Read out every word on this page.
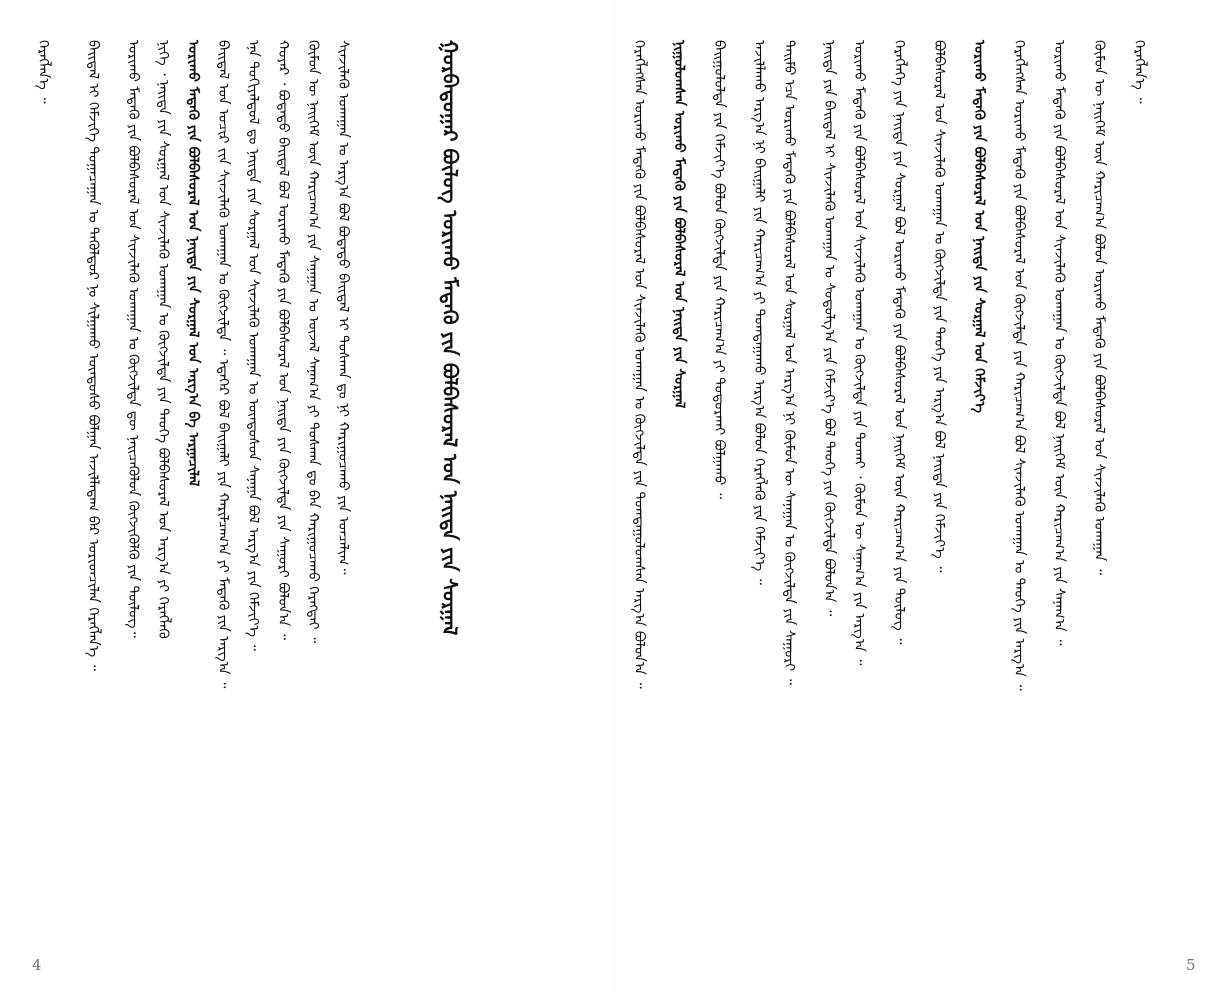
ᠬᠡᠷᠡᠭᠯᠡᠨ᠎ᠡ ᠃ ᠪᠠᠢᠳᠠᠯ ᠢ ᠬᠡᠮᠵᠢᠭᠡ ᠲᠣᠭᠠᠴᠠᠭᠠᠨ ᠤ ᠲᠡᠭᠦᠯᠳᠦᠷ ᠨᠤ ᠰᠢᠯᠭᠠᠬᠤ ᠦᠨᠳᠦᠰᠦ ᠪᠣᠯᠭᠠᠨ ᠠᠵᠢᠯᠯᠠᠳᠠᠭ ᠪᠡᠷ ᠤᠷᠢᠳᠴᠢᠯᠠᠨ ᠬᠡᠷᠡᠭᠯᠡᠨ᠎ᠡ ᠃ ᠤᠷᠢᠬᠤ ᠮᠡᠳᠡᠬᠦ ᠶᠢᠨ ᠪᠣᠯᠪᠠᠰᠤᠷᠠᠯ ᠤᠨ ᠰᠢᠨᠵᠢᠯᠡᠬᠦ ᠤᠬᠠᠭᠠᠨ ᠤ ᠬᠦᠭᠵᠢᠯᠲᠡ ᠳᠦ ᠨᠡᠢᠴᠡᠭᠦᠯᠦᠨ ᠬᠥᠭᠵᠢᠭᠦᠯᠬᠦ ᠶᠢᠨ ᠲᠥᠯᠥᠭ᠃ ᠨᠢᠭᠡ ᠂ ᠨᠡᠢᠲᠡ ᠶᠢᠨ ᠰᠤᠷᠭᠠᠯ ᠤᠨ ᠰᠢᠨᠵᠢᠯᠡᠬᠦ ᠤᠬᠠᠭᠠᠨ ᠤ ᠬᠦᠭᠵᠢᠯᠲᠡ ᠶᠢᠨ ᠲᠡᠦᠬᠡ ᠪᠣᠯᠪᠠᠰᠤᠷᠠᠯ ᠤᠨ ᠠᠷᠭ᠎ᠠ ᠶᠢ ᠬᠡᠷᠡᠭᠯᠡᠬᠦ ᠤᠷᠢᠬᠤ ᠮᠡᠳᠡᠬᠦ ᠶᠢᠨ ᠪᠣᠯᠪᠠᠰᠤᠷᠠᠯ ᠤᠨ ᠨᠡᠢᠲᠡ ᠶᠢᠨ ᠰᠤᠷᠭᠠᠯ ᠤᠨ ᠠᠷᠭ᠎ᠠ ᠪᠠ ᠠᠷᠭᠠᠴᠢᠯᠠᠯ ᠪᠠᠢᠳᠠᠯ ᠤᠨ ᠤᠴᠢᠷ ᠵᠢᠨ ᠰᠢᠨᠵᠢᠯᠡᠬᠦ ᠤᠬᠠᠭᠠᠨ ᠤ ᠬᠦᠭᠵᠢᠯᠲᠡ ᠃ ᠡᠳᠡᠭᠡᠷ ᠪᠣᠯ ᠪᠠᠢᠭᠠᠯᠢ ᠶᠢᠨ ᠬᠠᠷᠢᠯᠴᠠᠭ᠎ᠠ ᠶᠢ ᠮᠡᠳᠡᠬᠦ ᠶᠢᠨ ᠠᠷᠭ᠎ᠠ ᠃ ᠡᠨᠡ ᠲᠣᠬᠢᠶᠠᠯᠳᠤᠯ ᠳᠤ ᠨᠡᠢᠲᠡ ᠶᠢᠨ ᠰᠤᠷᠭᠠᠯ ᠤᠨ ᠰᠢᠨᠵᠢᠯᠡᠬᠦ ᠤᠬᠠᠭᠠᠨ ᠤ ᠦᠨᠳᠦᠰᠦᠨ ᠰᠠᠨᠠᠭᠠ ᠪᠣᠯ ᠠᠷᠭ᠎ᠠ ᠶᠢᠨ ᠬᠡᠮᠵᠢᠶ᠎ᠡ ᠃ ᠬᠣᠶᠠᠷ ᠂ ᠪᠣᠳᠠᠳᠤ ᠪᠠᠢᠳᠠᠯ ᠪᠣᠯ ᠤᠷᠢᠬᠤ ᠮᠡᠳᠡᠬᠦ ᠶᠢᠨ ᠪᠣᠯᠪᠠᠰᠤᠷᠠᠯ ᠤᠨ ᠨᠡᠢᠲᠡ ᠶᠢᠨ ᠬᠦᠭᠵᠢᠯᠲᠡ ᠶᠢᠨ ᠰᠠᠭᠤᠷᠢ ᠪᠣᠯᠤᠨ᠎ᠠ ᠃ ᠬᠦᠮᠦᠨ ᠦ ᠨᠡᠢᠭᠡᠮ ᠦᠨ ᠬᠠᠷᠢᠴᠠᠭ᠎ᠠ ᠶᠢᠨ ᠰᠠᠨᠠᠭᠠᠨ ᠤ ᠦᠵᠡᠯ ᠰᠠᠨᠠᠭ᠎ᠠ ᠶᠢ ᠲᠤᠰᠬᠠᠨ ᠳᠤ ᠪᠡᠨ ᠬᠠᠷᠢᠭᠤᠴᠠᠬᠤ ᠬᠡᠷᠡᠭᠲᠡᠢ ᠃ ᠰᠢᠨᠵᠢᠯᠡᠬᠦ ᠤᠬᠠᠭᠠᠨ ᠤ ᠠᠷᠭ᠎ᠠ ᠪᠣᠯ ᠪᠣᠳᠠᠳᠤ ᠪᠠᠢᠳᠠᠯ ᠢ ᠲᠤᠰᠬᠠᠨ ᠳᠤ ᠨᠢ ᠬᠠᠷᠢᠭᠤᠴᠠᠬᠤ ᠶᠢᠨ ᠣᠨᠴᠠᠯᠢᠭ᠃	ᠭᠤᠷᠪᠠᠳᠤᠭᠠᠷ ᠪᠦᠯᠦᠭ ᠤᠷᠢᠬᠤ ᠮᠡᠳᠡᠬᠦ ᠶᠢᠨ ᠪᠣᠯᠪᠠᠰᠤᠷᠠᠯ ᠤᠨ ᠨᠡᠢᠲᠡ ᠶᠢᠨ ᠰᠤᠷᠭᠠᠯ
4
ᠬᠡᠷᠡᠭᠯᠡᠭᠰᠡᠨ ᠤᠷᠢᠬᠤ ᠮᠡᠳᠡᠬᠦ ᠶᠢᠨ ᠪᠣᠯᠪᠠᠰᠤᠷᠠᠯ ᠤᠨ ᠰᠢᠨᠵᠢᠯᠡᠬᠦ ᠤᠬᠠᠭᠠᠨ ᠤ ᠬᠦᠭᠵᠢᠯᠲᠡ ᠶᠢᠨ ᠲᠣᠭᠲᠠᠭᠤᠯᠤᠭᠰᠠᠨ ᠠᠷᠭ᠎ᠠ ᠪᠣᠯᠤᠨ᠎ᠠ ᠃ ᠨᠢᠭᠤᠯᠤᠭᠰᠠᠨ ᠤᠷᠢᠬᠤ ᠮᠡᠳᠡᠬᠦ ᠶᠢᠨ ᠪᠣᠯᠪᠠᠰᠤᠷᠠᠯ ᠤᠨ ᠨᠡᠢᠲᠡ ᠶᠢᠨ ᠰᠤᠷᠭᠠᠯ ᠪᠠᠢᠭᠤᠯᠤᠯᠲᠠ ᠶᠢᠨ ᠬᠡᠮᠵᠢᠶ᠎ᠡ ᠪᠣᠯᠤᠨ ᠬᠥᠭᠵᠢᠯᠲᠡ ᠶᠢᠨ ᠬᠠᠷᠢᠴᠠᠭ᠎ᠠ ᠶᠢ ᠲᠣᠳᠣᠷᠬᠠᠢ ᠪᠣᠯᠭᠠᠬᠤ ᠃ ᠠᠵᠢᠯᠯᠠᠬᠤ ᠠᠷᠭ᠎ᠠ ᠨᠢ ᠪᠠᠢᠭᠠᠯᠢ ᠶᠢᠨ ᠬᠠᠷᠢᠴᠠᠭ᠎ᠠ ᠶᠢ ᠲᠣᠭᠲᠠᠭᠠᠬᠤ ᠠᠷᠭ᠎ᠠ ᠪᠣᠯᠤᠨ ᠬᠡᠷᠡᠭᠯᠡᠬᠦ ᠶᠢᠨ ᠬᠡᠮᠵᠢᠶ᠎ᠡ ᠃ ᠲᠡᠢᠮᠦ ᠡᠴᠡ ᠤᠷᠢᠬᠤ ᠮᠡᠳᠡᠬᠦ ᠶᠢᠨ ᠪᠣᠯᠪᠠᠰᠤᠷᠠᠯ ᠤᠨ ᠰᠤᠷᠭᠠᠯ ᠤᠨ ᠠᠷᠭ᠎ᠠ ᠨᠢ ᠬᠦᠮᠦᠨ ᠦ ᠰᠠᠨᠠᠭᠠᠨ ᠤ ᠬᠥᠭᠵᠢᠯᠲᠡ ᠶᠢᠨ ᠰᠠᠭᠤᠷᠢ ᠃ ᠨᠡᠢᠲᠡ ᠶᠢᠨ ᠪᠠᠢᠳᠠᠯ ᠢ ᠰᠢᠨᠵᠢᠯᠡᠬᠦ ᠤᠬᠠᠭᠠᠨ ᠤ ᠰᠣᠳᠤᠯᠭ᠎ᠠ ᠶᠢᠨ ᠬᠡᠮᠵᠢᠶ᠎ᠡ ᠪᠣᠯ ᠲᠡᠦᠬᠡ ᠶᠢᠨ ᠬᠥᠭᠵᠢᠯᠲᠡ ᠪᠣᠯᠤᠨ᠎ᠠ ᠃ ᠤᠷᠢᠬᠤ ᠮᠡᠳᠡᠬᠦ ᠶᠢᠨ ᠪᠣᠯᠪᠠᠰᠤᠷᠠᠯ ᠤᠨ ᠰᠢᠨᠵᠢᠯᠡᠬᠦ ᠤᠬᠠᠭᠠᠨ ᠤ ᠬᠦᠭᠵᠢᠯᠲᠡ ᠶᠢᠨ ᠲᠤᠬᠠᠢ ᠂ ᠬᠦᠮᠦᠨ ᠦ ᠰᠠᠨᠠᠭ᠎ᠠ ᠶᠢᠨ ᠠᠷᠭ᠎ᠠ ᠃ ᠬᠡᠷᠡᠭᠯᠡᠭᠡ ᠶᠢᠨ ᠨᠡᠢᠲᠡ ᠶᠢᠨ ᠰᠤᠷᠭᠠᠯ ᠪᠣᠯ ᠤᠷᠢᠬᠤ ᠮᠡᠳᠡᠬᠦ ᠶᠢᠨ ᠪᠣᠯᠪᠠᠰᠤᠷᠠᠯ ᠤᠨ ᠨᠡᠢᠭᠡᠮ ᠦᠨ ᠬᠠᠷᠢᠴᠠᠭ᠎ᠠ ᠶᠢᠨ ᠲᠥᠯᠥᠭ ᠃ ᠪᠣᠯᠪᠠᠰᠤᠷᠠᠯ ᠤᠨ ᠰᠢᠨᠵᠢᠯᠡᠬᠦ ᠤᠬᠠᠭᠠᠨ ᠤ ᠬᠦᠭᠵᠢᠯᠲᠡ ᠶᠢᠨ ᠲᠡᠦᠬᠡ ᠶᠢᠨ ᠠᠷᠭ᠎ᠠ ᠪᠣᠯ ᠨᠡᠢᠲᠡ ᠶᠢᠨ ᠬᠡᠮᠵᠢᠶ᠎ᠡ ᠃ ᠤᠷᠢᠬᠤ ᠮᠡᠳᠡᠬᠦ ᠶᠢᠨ ᠪᠣᠯᠪᠠᠰᠤᠷᠠᠯ ᠤᠨ ᠨᠡᠢᠲᠡ ᠶᠢᠨ ᠰᠤᠷᠭᠠᠯ ᠤᠨ ᠬᠡᠮᠵᠢᠶ᠎ᠡ ᠬᠡᠷᠡᠭᠯᠡᠭᠰᠡᠨ ᠤᠷᠢᠬᠤ ᠮᠡᠳᠡᠬᠦ ᠶᠢᠨ ᠪᠣᠯᠪᠠᠰᠤᠷᠠᠯ ᠤᠨ ᠬᠦᠭᠵᠢᠯᠲᠡ ᠶᠢᠨ ᠬᠠᠷᠢᠴᠠᠭ᠎ᠠ ᠪᠣᠯ ᠰᠢᠨᠵᠢᠯᠡᠬᠦ ᠤᠬᠠᠭᠠᠨ ᠤ ᠲᠡᠦᠬᠡ ᠶᠢᠨ ᠠᠷᠭ᠎ᠠ ᠃ ᠤᠷᠢᠬᠤ ᠮᠡᠳᠡᠬᠦ ᠶᠢᠨ ᠪᠣᠯᠪᠠᠰᠤᠷᠠᠯ ᠤᠨ ᠰᠢᠨᠵᠢᠯᠡᠬᠦ ᠤᠬᠠᠭᠠᠨ ᠤ ᠬᠦᠭᠵᠢᠯᠲᠡ ᠪᠣᠯ ᠨᠡᠢᠭᠡᠮ ᠦᠨ ᠬᠠᠷᠢᠴᠠᠭ᠎ᠠ ᠶᠢᠨ ᠰᠠᠨᠠᠭ᠎ᠠ ᠃ ᠬᠦᠮᠦᠨ ᠦ ᠨᠡᠢᠭᠡᠮ ᠦᠨ ᠬᠠᠷᠢᠴᠠᠭ᠎ᠠ ᠪᠣᠯᠤᠨ ᠤᠷᠢᠬᠤ ᠮᠡᠳᠡᠬᠦ ᠶᠢᠨ ᠪᠣᠯᠪᠠᠰᠤᠷᠠᠯ ᠤᠨ ᠰᠢᠨᠵᠢᠯᠡᠬᠦ ᠤᠬᠠᠭᠠᠨ ᠃ ᠬᠡᠷᠡᠭᠯᠡᠨ᠎ᠡ ᠃
5
